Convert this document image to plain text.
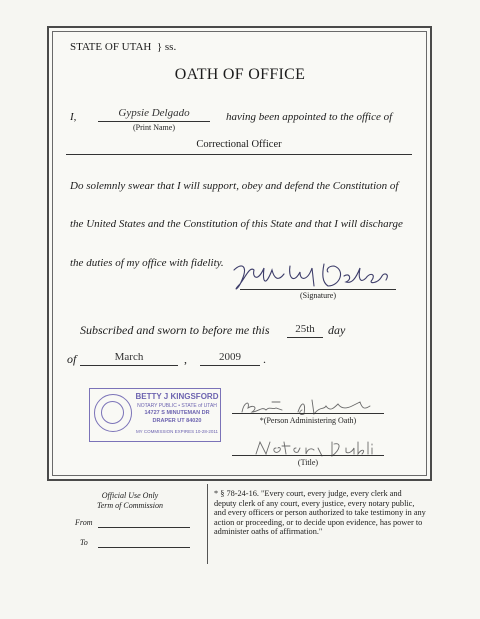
STATE OF UTAH } ss.
OATH OF OFFICE
I,	Gypsie Delgado
(Print Name)
having been appointed to the office of
Correctional Officer
Do solemnly swear that I will support, obey and defend the Constitution of
the United States and the Constitution of this State and that I will discharge
the duties of my office with fidelity.
(Signature)
Subscribed and sworn to before me this	25th	day
of	March	,	2009	.
BETTY J KINGSFORD
NOTARY PUBLIC • STATE of UTAH
14727 S MINUTEMAN DR
DRAPER UT 84020
MY COMMISSION EXPIRES 10-28-2011
*(Person Administering Oath)
(Title)
Official Use Only
Term of Commission
From
To
* § 78-24-16. "Every court, every judge, every clerk and deputy clerk of any court, every justice, every notary public, and every officers or person authorized to take testimony in any action or proceeding, or to decide upon evidence, has power to administer oaths of affirmation."
